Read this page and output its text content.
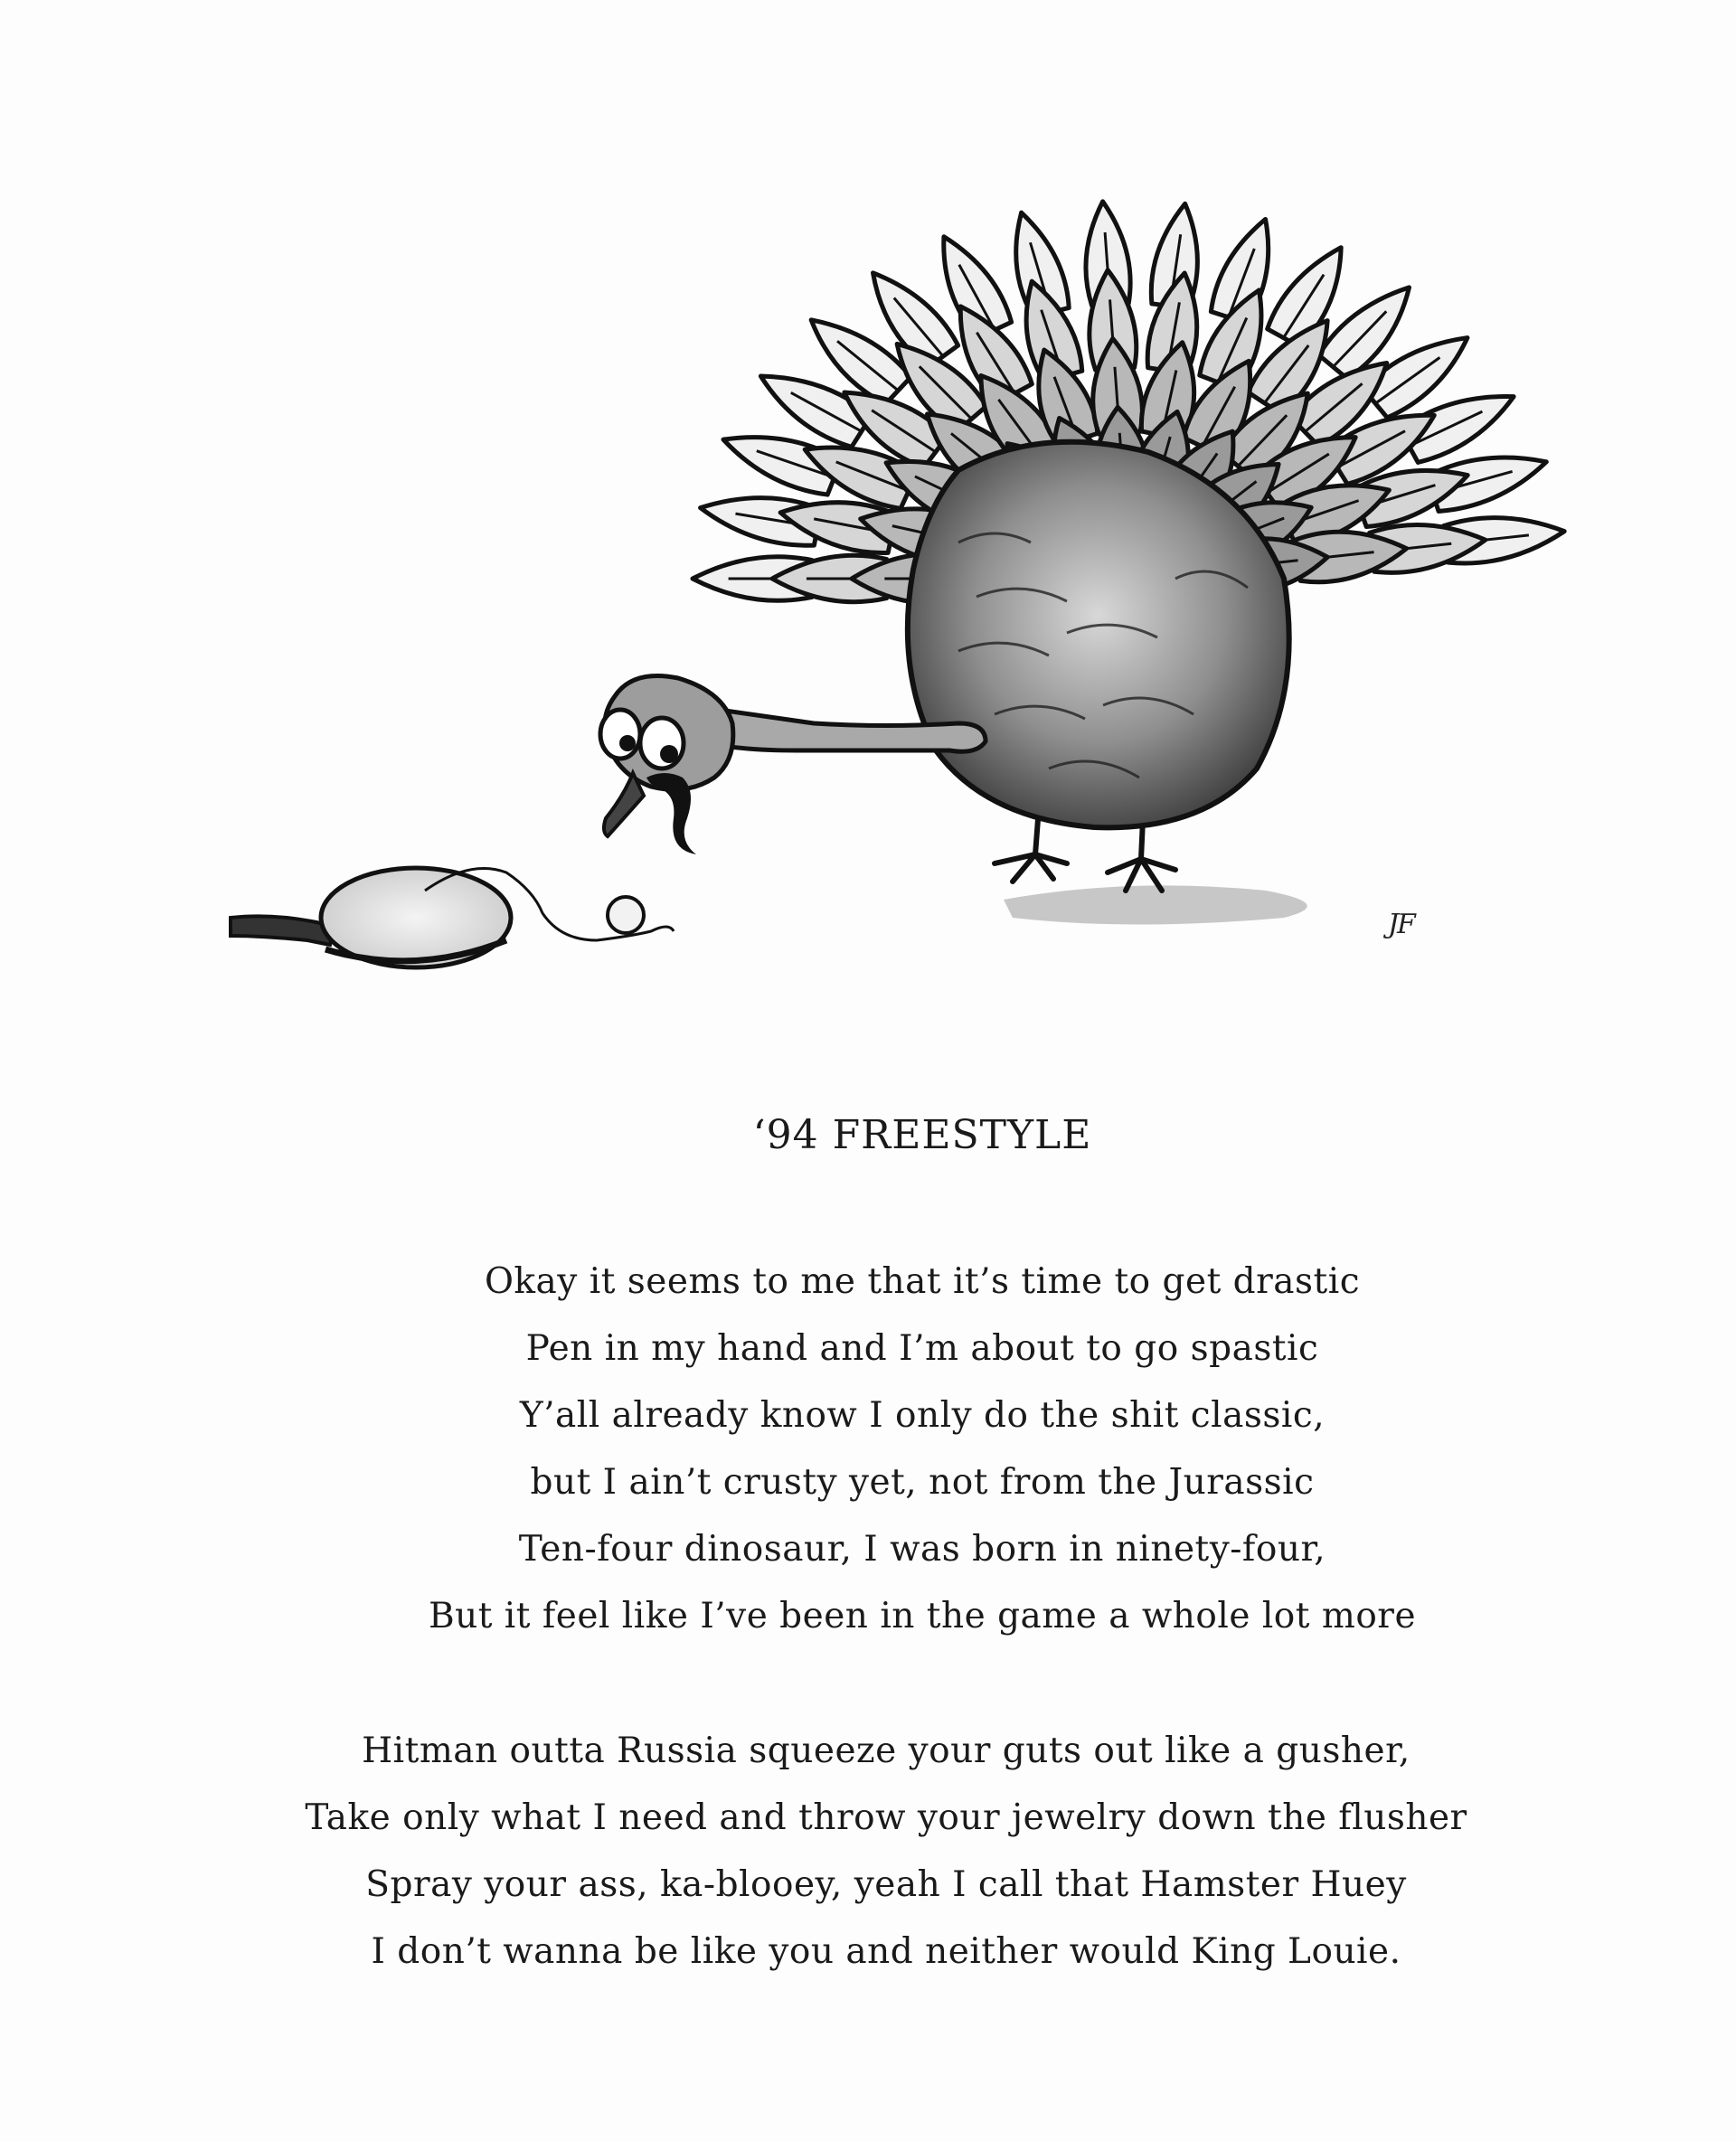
JF
‘94 FREESTYLE
Okay it seems to me that it’s time to get drastic
Pen in my hand and I’m about to go spastic
Y’all already know I only do the shit classic,
but I ain’t crusty yet, not from the Jurassic
Ten-four dinosaur, I was born in ninety-four,
But it feel like I’ve been in the game a whole lot more
Hitman outta Russia squeeze your guts out like a gusher,
Take only what I need and throw your jewelry down the flusher
Spray your ass, ka-blooey, yeah I call that Hamster Huey
I don’t wanna be like you and neither would King Louie.
